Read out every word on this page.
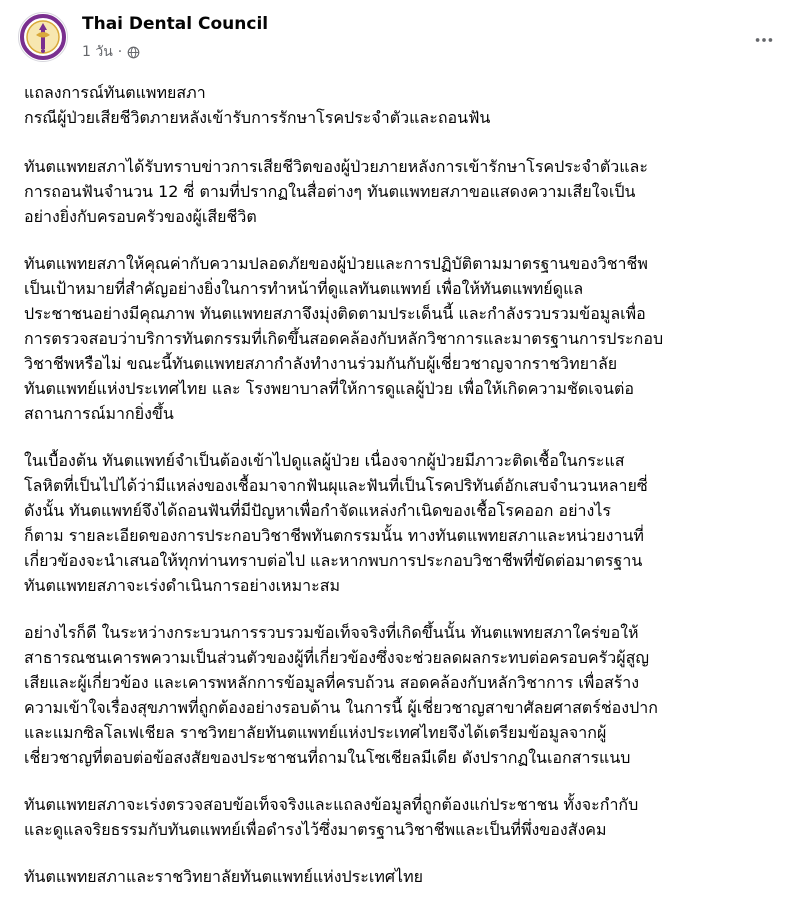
Thai Dental Council
1 วัน ·

แถลงการณ์ทันตแพทยสภา
กรณีผู้ป่วยเสียชีวิตภายหลังเข้ารับการรักษาโรคประจำตัวและถอนฟัน

ทันตแพทยสภาได้รับทราบข่าวการเสียชีวิตของผู้ป่วยภายหลังการเข้ารักษาโรคประจำตัวและ
การถอนฟันจำนวน 12 ซี่ ตามที่ปรากฏในสื่อต่างๆ ทันตแพทยสภาขอแสดงความเสียใจเป็น
อย่างยิ่งกับครอบครัวของผู้เสียชีวิต

ทันตแพทยสภาให้คุณค่ากับความปลอดภัยของผู้ป่วยและการปฏิบัติตามมาตรฐานของวิชาชีพ
เป็นเป้าหมายที่สำคัญอย่างยิ่งในการทำหน้าที่ดูแลทันตแพทย์ เพื่อให้ทันตแพทย์ดูแล
ประชาชนอย่างมีคุณภาพ ทันตแพทยสภาจึงมุ่งติดตามประเด็นนี้ และกำลังรวบรวมข้อมูลเพื่อ
การตรวจสอบว่าบริการทันตกรรมที่เกิดขึ้นสอดคล้องกับหลักวิชาการและมาตรฐานการประกอบ
วิชาชีพหรือไม่ ขณะนี้ทันตแพทยสภากำลังทำงานร่วมกันกับผู้เชี่ยวชาญจากราชวิทยาลัย
ทันตแพทย์แห่งประเทศไทย และ โรงพยาบาลที่ให้การดูแลผู้ป่วย เพื่อให้เกิดความชัดเจนต่อ
สถานการณ์มากยิ่งขึ้น

ในเบื้องต้น ทันตแพทย์จำเป็นต้องเข้าไปดูแลผู้ป่วย เนื่องจากผู้ป่วยมีภาวะติดเชื้อในกระแส
โลหิตที่เป็นไปได้ว่ามีแหล่งของเชื้อมาจากฟันผุและฟันที่เป็นโรคปริทันต์อักเสบจำนวนหลายซี่
ดังนั้น ทันตแพทย์จึงได้ถอนฟันที่มีปัญหาเพื่อกำจัดแหล่งกำเนิดของเชื้อโรคออก อย่างไร
ก็ตาม รายละเอียดของการประกอบวิชาชีพทันตกรรมนั้น ทางทันตแพทยสภาและหน่วยงานที่
เกี่ยวข้องจะนำเสนอให้ทุกท่านทราบต่อไป และหากพบการประกอบวิชาชีพที่ขัดต่อมาตรฐาน
ทันตแพทยสภาจะเร่งดำเนินการอย่างเหมาะสม

อย่างไรก็ดี ในระหว่างกระบวนการรวบรวมข้อเท็จจริงที่เกิดขึ้นนั้น ทันตแพทยสภาใคร่ขอให้
สาธารณชนเคารพความเป็นส่วนตัวของผู้ที่เกี่ยวข้องซึ่งจะช่วยลดผลกระทบต่อครอบครัวผู้สูญ
เสียและผู้เกี่ยวข้อง และเคารพหลักการข้อมูลที่ครบถ้วน สอดคล้องกับหลักวิชาการ เพื่อสร้าง
ความเข้าใจเรื่องสุขภาพที่ถูกต้องอย่างรอบด้าน ในการนี้ ผู้เชี่ยวชาญสาขาศัลยศาสตร์ช่องปาก
และแมกซิลโลเฟเชียล ราชวิทยาลัยทันตแพทย์แห่งประเทศไทยจึงได้เตรียมข้อมูลจากผู้
เชี่ยวชาญที่ตอบต่อข้อสงสัยของประชาชนที่ถามในโซเชียลมีเดีย ดังปรากฏในเอกสารแนบ

ทันตแพทยสภาจะเร่งตรวจสอบข้อเท็จจริงและแถลงข้อมูลที่ถูกต้องแก่ประชาชน ทั้งจะกำกับ
และดูแลจริยธรรมกับทันตแพทย์เพื่อดำรงไว้ซึ่งมาตรฐานวิชาชีพและเป็นที่พึ่งของสังคม

ทันตแพทยสภาและราชวิทยาลัยทันตแพทย์แห่งประเทศไทย
